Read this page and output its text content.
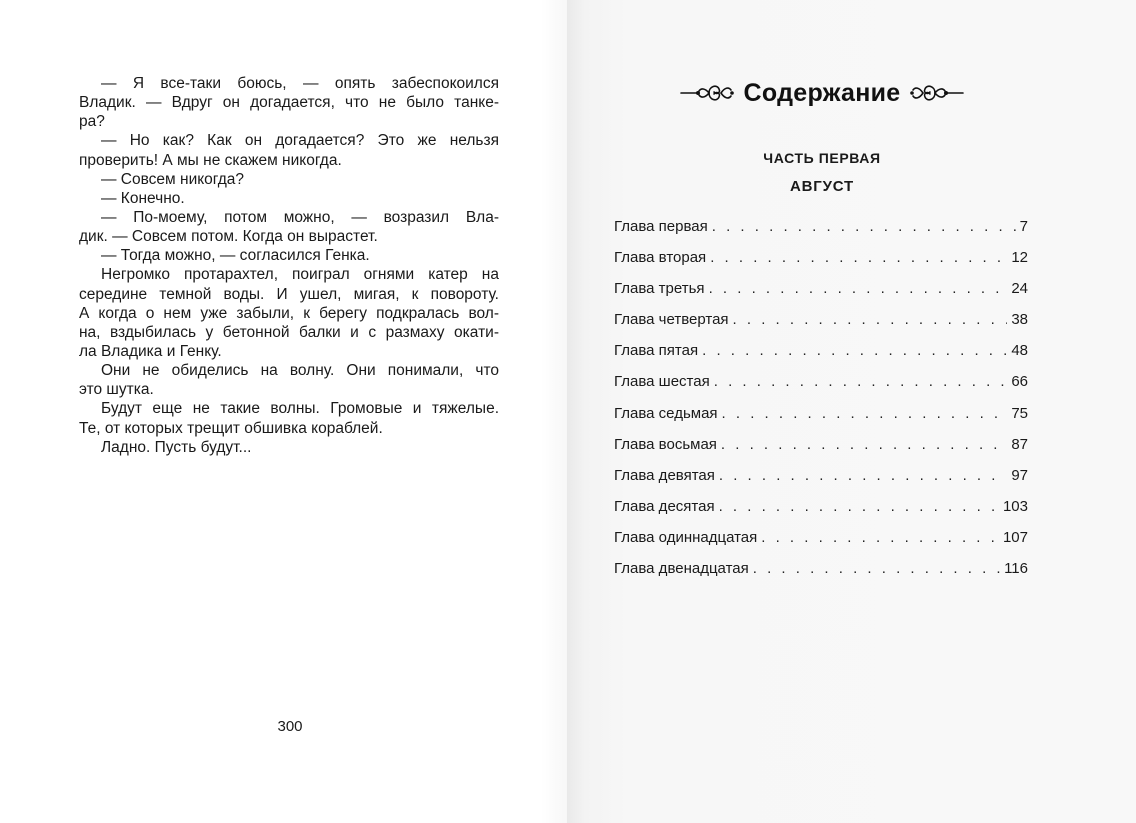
— Я все-таки боюсь, — опять забеспокоился
Владик. — Вдруг он догадается, что не было танке-
ра?
— Но как? Как он догадается? Это же нельзя
проверить! А мы не скажем никогда.
— Совсем никогда?
— Конечно.
— По-моему, потом можно, — возразил Вла-
дик. — Совсем потом. Когда он вырастет.
— Тогда можно, — согласился Генка.
Негромко протарахтел, поиграл огнями катер на
середине темной воды. И ушел, мигая, к повороту.
А когда о нем уже забыли, к берегу подкралась вол-
на, вздыбилась у бетонной балки и с размаху окати-
ла Владика и Генку.
Они не обиделись на волну. Они понимали, что
это шутка.
Будут еще не такие волны. Громовые и тяжелые.
Те, от которых трещит обшивка кораблей.
Ладно. Пусть будут...
300
Содержание
ЧАСТЬ ПЕРВАЯ
АВГУСТ
Глава первая . . .	7
Глава вторая . . .	12
Глава третья . . .	24
Глава четвертая . . .	38
Глава пятая . . .	48
Глава шестая . . .	66
Глава седьмая . . .	75
Глава восьмая . . .	87
Глава девятая . . .	97
Глава десятая . . .	103
Глава одиннадцатая . . .	107
Глава двенадцатая . . .	116
